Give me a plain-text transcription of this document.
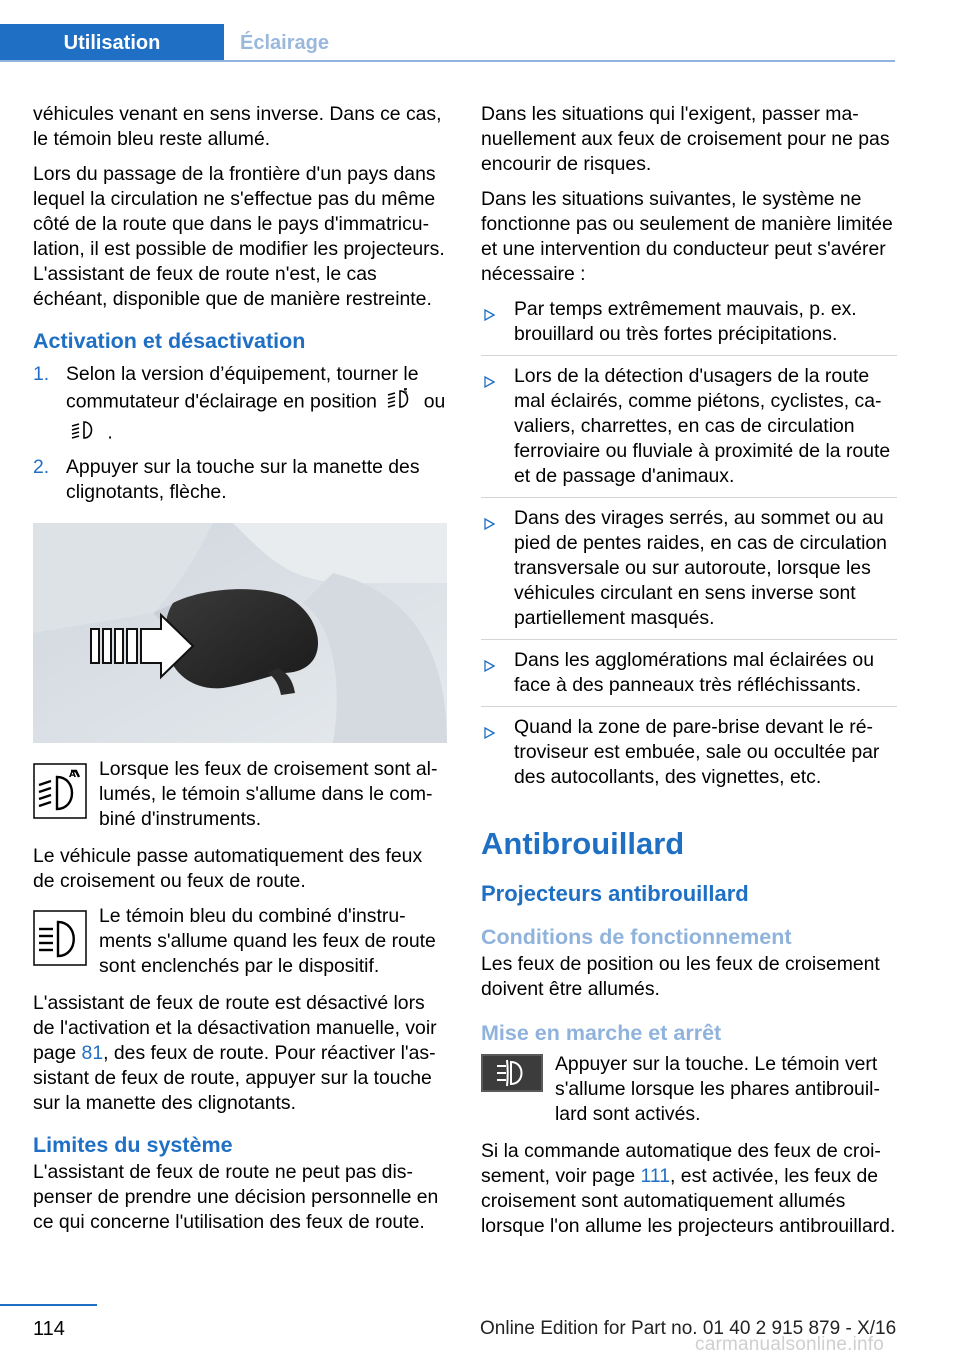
Utilisation	Éclairage

véhicules venant en sens inverse. Dans ce cas, le témoin bleu reste allumé.

Lors du passage de la frontière d'un pays dans lequel la circulation ne s'effectue pas du même côté de la route que dans le pays d'immatriculation, il est possible de modifier les projecteurs. L'assistant de feux de route n'est, le cas échéant, disponible que de manière restreinte.

Activation et désactivation
1. Selon la version d’équipement, tourner le commutateur d'éclairage en position	A ou  .
2. Appuyer sur la touche sur la manette des clignotants, flèche.
A Lorsque les feux de croisement sont allumés, le témoin s'allume dans le combiné d'instruments.

Le véhicule passe automatiquement des feux de croisement ou feux de route.

Le témoin bleu du combiné d'instruments s'allume quand les feux de route sont enclenchés par le dispositif.

L'assistant de feux de route est désactivé lors de l'activation et la désactivation manuelle, voir page 81, des feux de route. Pour réactiver l'assistant de feux de route, appuyer sur la touche sur la manette des clignotants.

Limites du système

L'assistant de feux de route ne peut pas dispenser de prendre une décision personnelle en ce qui concerne l'utilisation des feux de route.

Dans les situations qui l'exigent, passer manuellement aux feux de croisement pour ne pas encourir de risques.

Dans les situations suivantes, le système ne fonctionne pas ou seulement de manière limitée et une intervention du conducteur peut s'avérer nécessaire :

Par temps extrêmement mauvais, p. ex. brouillard ou très fortes précipitations.
Lors de la détection d'usagers de la route mal éclairés, comme piétons, cyclistes, cavaliers, charrettes, en cas de circulation ferroviaire ou fluviale à proximité de la route et de passage d'animaux.
Dans des virages serrés, au sommet ou au pied de pentes raides, en cas de circulation transversale ou sur autoroute, lorsque les véhicules circulant en sens inverse sont partiellement masqués.
Dans les agglomérations mal éclairées ou face à des panneaux très réfléchissants.
Quand la zone de pare-brise devant le rétroviseur est embuée, sale ou occultée par des autocollants, des vignettes, etc.
Antibrouillard
Projecteurs antibrouillard
Conditions de fonctionnement

Les feux de position ou les feux de croisement doivent être allumés.

Mise en marche et arrêt
Appuyer sur la touche. Le témoin vert s'allume lorsque les phares antibrouillard sont activés.

Si la commande automatique des feux de croisement, voir page 111, est activée, les feux de croisement sont automatiquement allumés lorsque l'on allume les projecteurs antibrouillard.

114	Online Edition for Part no. 01 40 2 915 879 - X/16
carmanualsonline.info
